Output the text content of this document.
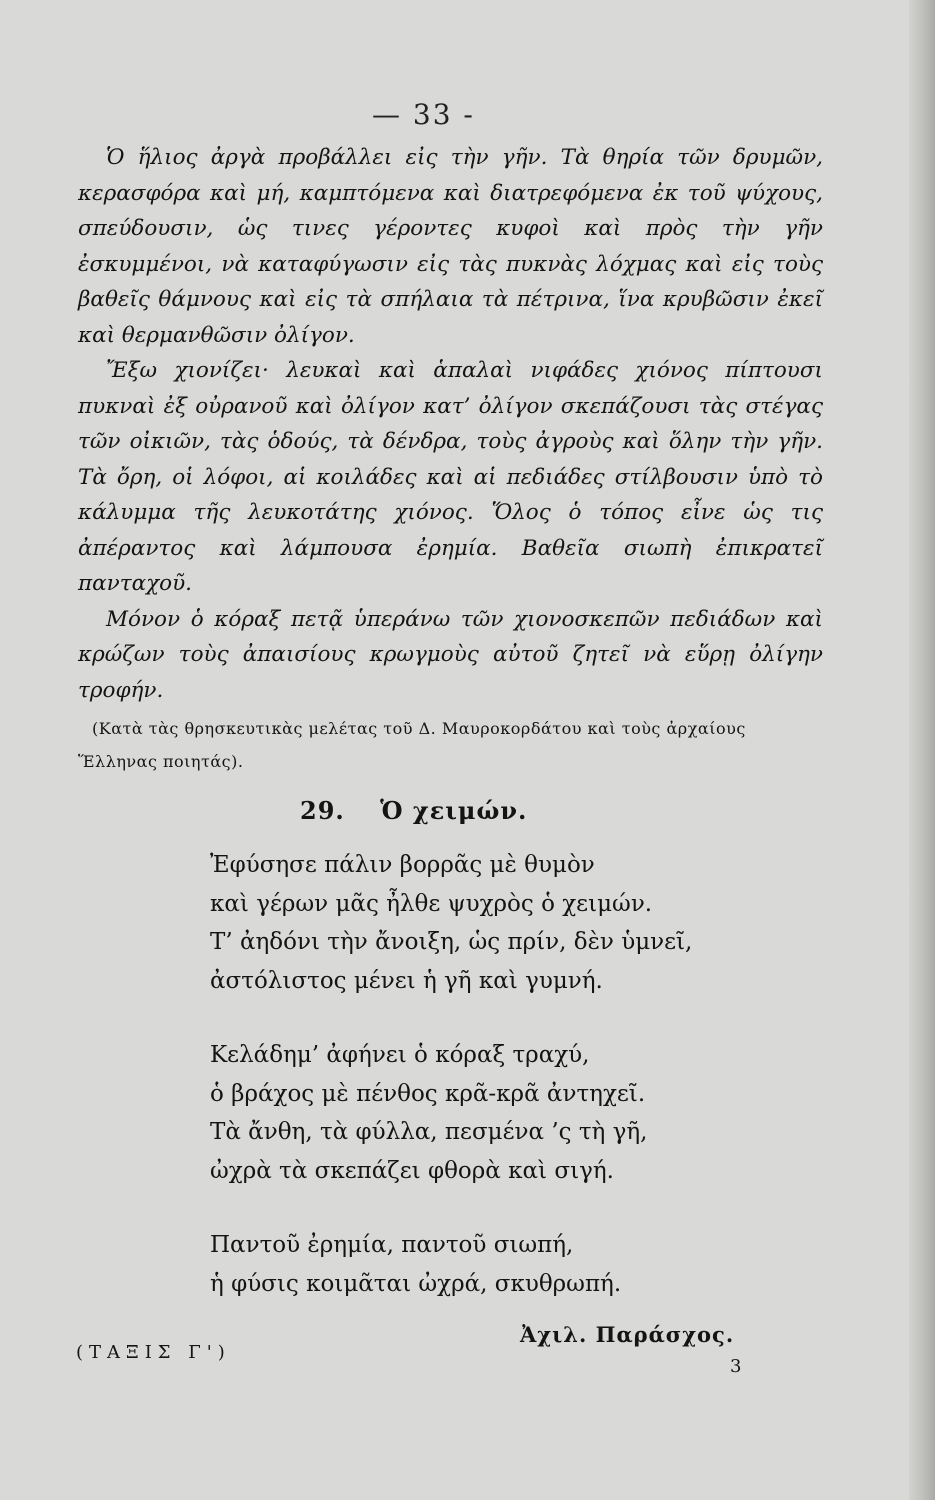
— 33 -

Ὁ ἥλιος ἀργὰ προβάλλει εἰς τὴν γῆν. Τὰ θηρία τῶν δρυμῶν, κερασφόρα καὶ μή, καμπτόμενα καὶ διατρεφόμενα ἐκ τοῦ ψύχους, σπεύδουσιν, ὡς τινες γέροντες κυφοὶ καὶ πρὸς τὴν γῆν ἐσκυμμένοι, νὰ καταφύγωσιν εἰς τὰς πυκνὰς λόχμας καὶ εἰς τοὺς βαθεῖς θάμνους καὶ εἰς τὰ σπήλαια τὰ πέτρινα, ἵνα κρυβῶσιν ἐκεῖ καὶ θερμανθῶσιν ὀλίγον.

Ἔξω χιονίζει· λευκαὶ καὶ ἁπαλαὶ νιφάδες χιόνος πίπτουσι πυκναὶ ἐξ οὐρανοῦ καὶ ὀλίγον κατ’ ὀλίγον σκεπάζουσι τὰς στέγας τῶν οἰκιῶν, τὰς ὁδούς, τὰ δένδρα, τοὺς ἀγροὺς καὶ ὅλην τὴν γῆν. Τὰ ὄρη, οἱ λόφοι, αἱ κοιλάδες καὶ αἱ πεδιάδες στίλβουσιν ὑπὸ τὸ κάλυμμα τῆς λευκοτάτης χιόνος. Ὅλος ὁ τόπος εἶνε ὡς τις ἀπέραντος καὶ λάμπουσα ἐρημία. Βαθεῖα σιωπὴ ἐπικρατεῖ πανταχοῦ.

Μόνον ὁ κόραξ πετᾷ ὑπεράνω τῶν χιονοσκεπῶν πεδιάδων καὶ κρώζων τοὺς ἀπαισίους κρωγμοὺς αὐτοῦ ζητεῖ νὰ εὕρῃ ὀλίγην τροφήν.

(Κατὰ τὰς θρησκευτικὰς μελέτας τοῦ Δ. Μαυροκορδάτου καὶ τοὺς ἀρχαίους Ἕλληνας ποιητάς).
29. Ὁ χειμών.
Ἐφύσησε πάλιν βορρᾶς μὲ θυμὸν
καὶ γέρων μᾶς ἦλθε ψυχρὸς ὁ χειμών.
Τ’ ἀηδόνι τὴν ἄνοιξη, ὡς πρίν, δὲν ὑμνεῖ,
ἀστόλιστος μένει ἡ γῆ καὶ γυμνή.
Κελάδημ’ ἀφήνει ὁ κόραξ τραχύ,
ὁ βράχος μὲ πένθος κρᾶ-κρᾶ ἀντηχεῖ.
Τὰ ἄνθη, τὰ φύλλα, πεσμένα ’ς τὴ γῆ,
ὠχρὰ τὰ σκεπάζει φθορὰ καὶ σιγή.
Παντοῦ ἐρημία, παντοῦ σιωπή,
ἡ φύσις κοιμᾶται ὠχρά, σκυθρωπή.
Ἀχιλ. Παράσχος.
(ΤΑΞΙΣ Γ')
3
